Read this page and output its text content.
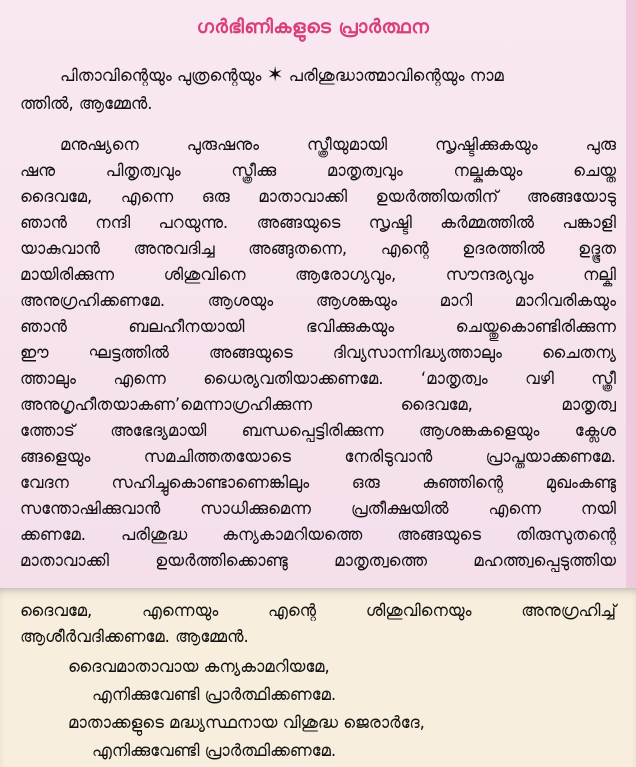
ഗർഭിണികളുടെ പ്രാർത്ഥന
പിതാവിന്റെയും പുത്രന്റെയും ✶ പരിശുദ്ധാത്മാവിന്റെയും നാമ
ത്തിൽ, ആമ്മേൻ.
മനുഷ്യനെ പുരുഷനും സ്ത്രീയുമായി സൃഷ്ടിക്കുകയും പുരു
ഷനു പിതൃത്വവും സ്ത്രീക്കു മാതൃത്വവും നല്കുകയും ചെയ്ത
ദൈവമേ, എന്നെ ഒരു മാതാവാക്കി ഉയർത്തിയതിന് അങ്ങയോടു
ഞാൻ നന്ദി പറയുന്നു. അങ്ങയുടെ സൃഷ്ടി കർമ്മത്തിൽ പങ്കാളി
യാകുവാൻ അനുവദിച്ച അങ്ങുതന്നെ, എന്റെ ഉദരത്തിൽ ഉദ്ഭൂത
മായിരിക്കുന്ന ശിശുവിനെ ആരോഗ്യവും, സൗന്ദര്യവും നല്കി
അനുഗ്രഹിക്കണമേ. ആശയും ആശങ്കയും മാറി മാറിവരികയും
ഞാൻ ബലഹീനയായി ഭവിക്കുകയും ചെയ്തുകൊണ്ടിരിക്കുന്ന
ഈ ഘട്ടത്തിൽ അങ്ങയുടെ ദിവ്യസാന്നിദ്ധ്യത്താലും ചൈതന്യ
ത്താലും എന്നെ ധൈര്യവതിയാക്കണമേ. ‘മാതൃത്വം വഴി സ്ത്രീ
അനുഗൃഹീതയാകണ’മെന്നാഗ്രഹിക്കുന്ന ദൈവമേ, മാതൃത്വ
ത്തോട് അഭേദ്യമായി ബന്ധപ്പെട്ടിരിക്കുന്ന ആശങ്കകളെയും ക്ലേശ
ങ്ങളെയും സമചിത്തതയോടെ നേരിടുവാൻ പ്രാപ്തയാക്കണമേ.
വേദന സഹിച്ചുകൊണ്ടാണെങ്കിലും ഒരു കുഞ്ഞിന്റെ മുഖംകണ്ടു
സന്തോഷിക്കുവാൻ സാധിക്കുമെന്ന പ്രതീക്ഷയിൽ എന്നെ നയി
ക്കണമേ. പരിശുദ്ധ കന്യകാമറിയത്തെ അങ്ങയുടെ തിരുസുതന്റെ
മാതാവാക്കി ഉയർത്തിക്കൊണ്ടു മാതൃത്വത്തെ മഹത്ത്വപ്പെടുത്തിയ
ദൈവമേ, എന്നെയും എന്റെ ശിശുവിനെയും അനുഗ്രഹിച്ച്
ആശീർവദിക്കണമേ. ആമ്മേൻ.
ദൈവമാതാവായ കന്യകാമറിയമേ,
എനിക്കുവേണ്ടി പ്രാർത്ഥിക്കണമേ.
മാതാക്കളുടെ മദ്ധ്യസ്ഥനായ വിശുദ്ധ ജെരാർദേ,
എനിക്കുവേണ്ടി പ്രാർത്ഥിക്കണമേ.
